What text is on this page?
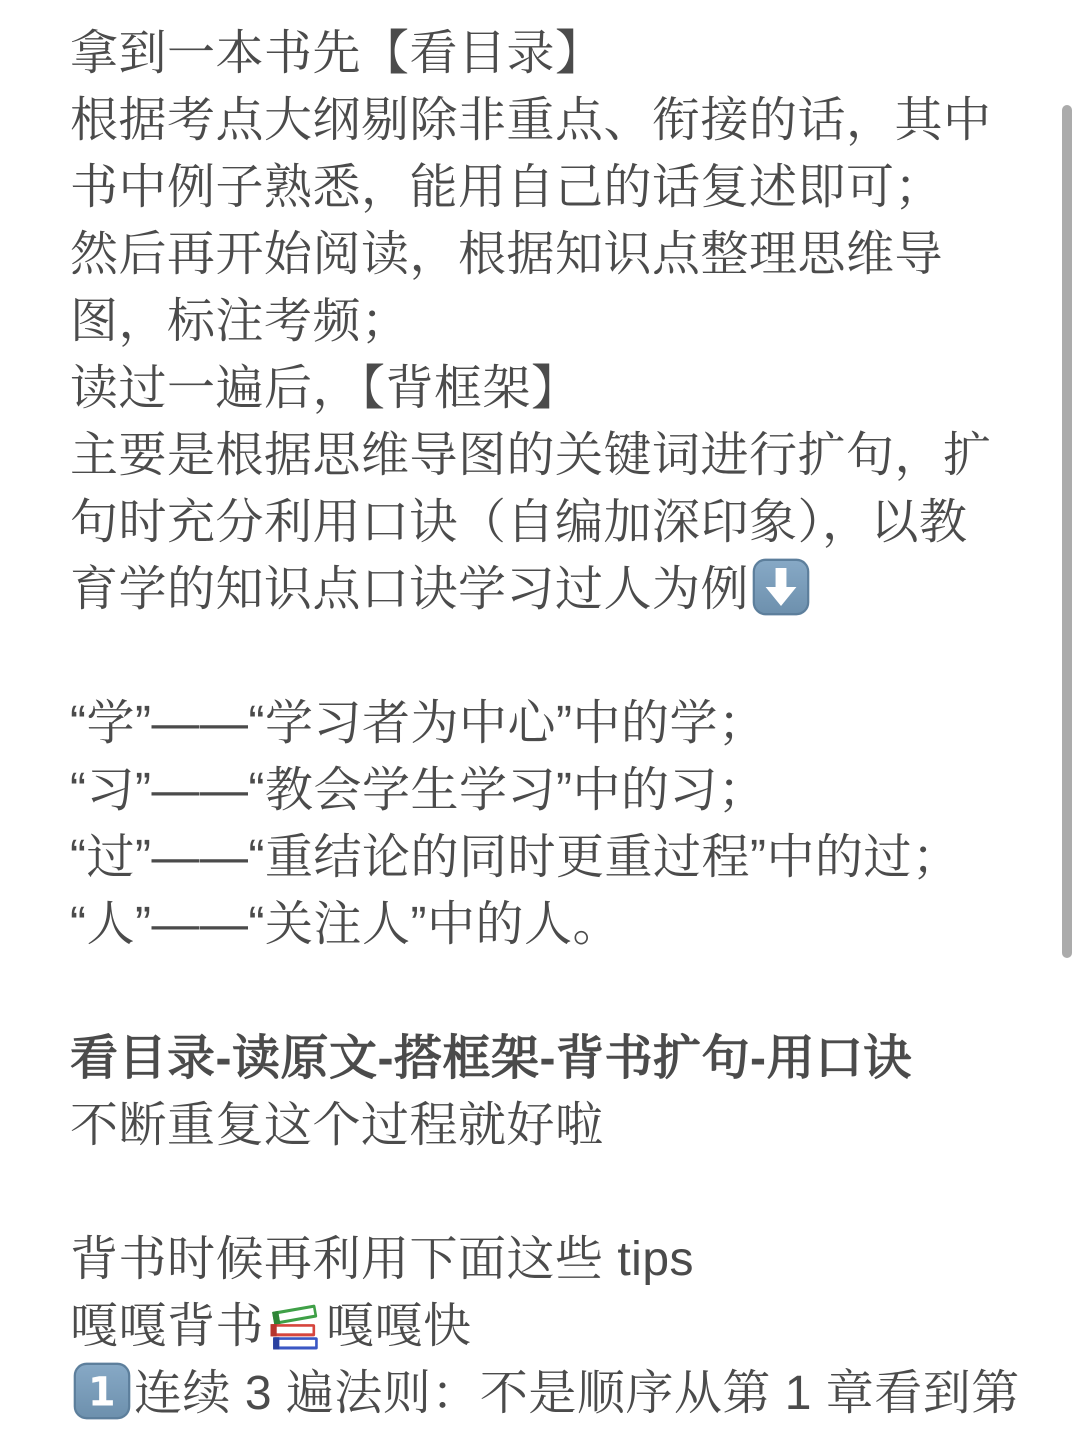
拿到一本书先【看目录】
根据考点大纲剔除非重点、衔接的话，其中
书中例子熟悉，能用自己的话复述即可；
然后再开始阅读，根据知识点整理思维导
图，标注考频；
读过一遍后，【背框架】
主要是根据思维导图的关键词进行扩句，扩
句时充分利用口诀（自编加深印象），以教
育学的知识点口诀学习过人为例
“学”——“学习者为中心”中的学；
“习”——“教会学生学习”中的习；
“过”——“重结论的同时更重过程”中的过；
“人”——“关注人”中的人。
看目录-读原文-搭框架-背书扩句-用口诀
不断重复这个过程就好啦
背书时候再利用下面这些 tips
嘎嘎背书 嘎嘎快
1 连续 3 遍法则：不是顺序从第 1 章看到第
